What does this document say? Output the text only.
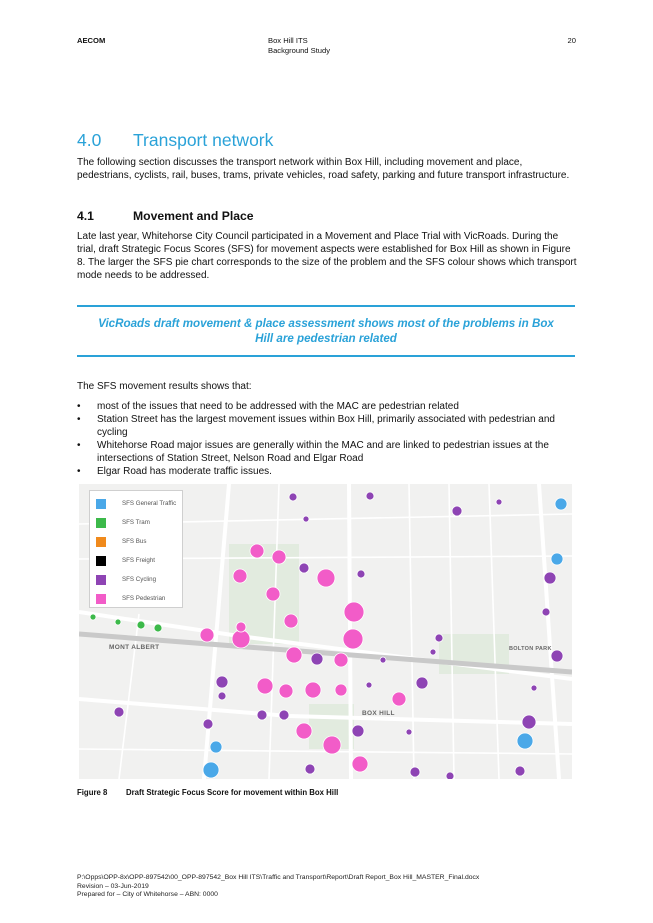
AECOM	Box Hill ITS
Background Study
20
4.0 Transport network

The following section discusses the transport network within Box Hill, including movement and place, pedestrians, cyclists, rail, buses, trams, private vehicles, road safety, parking and future transport infrastructure.

4.1	Movement and Place

Late last year, Whitehorse City Council participated in a Movement and Place Trial with VicRoads. During the trial, draft Strategic Focus Scores (SFS) for movement aspects were established for Box Hill as shown in Figure 8. The larger the SFS pie chart corresponds to the size of the problem and the SFS colour shows which transport mode needs to be addressed.

VicRoads draft movement & place assessment shows most of the problems in Box Hill are pedestrian related

The SFS movement results shows that:

• most of the issues that need to be addressed with the MAC are pedestrian related
• Station Street has the largest movement issues within Box Hill, primarily associated with pedestrian and cycling
• Whitehorse Road major issues are generally within the MAC and are linked to pedestrian issues at the intersections of Station Street, Nelson Road and Elgar Road
• Elgar Road has moderate traffic issues.
SFS General Traffic
SFS Tram
SFS Bus
SFS Freight
SFS Cycling
SFS Pedestrian
MONT ALBERT
BOX HILL
BOLTON PARK
Figure 8 Draft Strategic Focus Score for movement within Box Hill
P:\Opps\OPP-8x\OPP-897542\00_OPP-897542_Box Hill ITS\Traffic and Transport\Report\Draft Report_Box Hill_MASTER_Final.docx
Revision – 03-Jun-2019
Prepared for – City of Whitehorse – ABN: 0000
